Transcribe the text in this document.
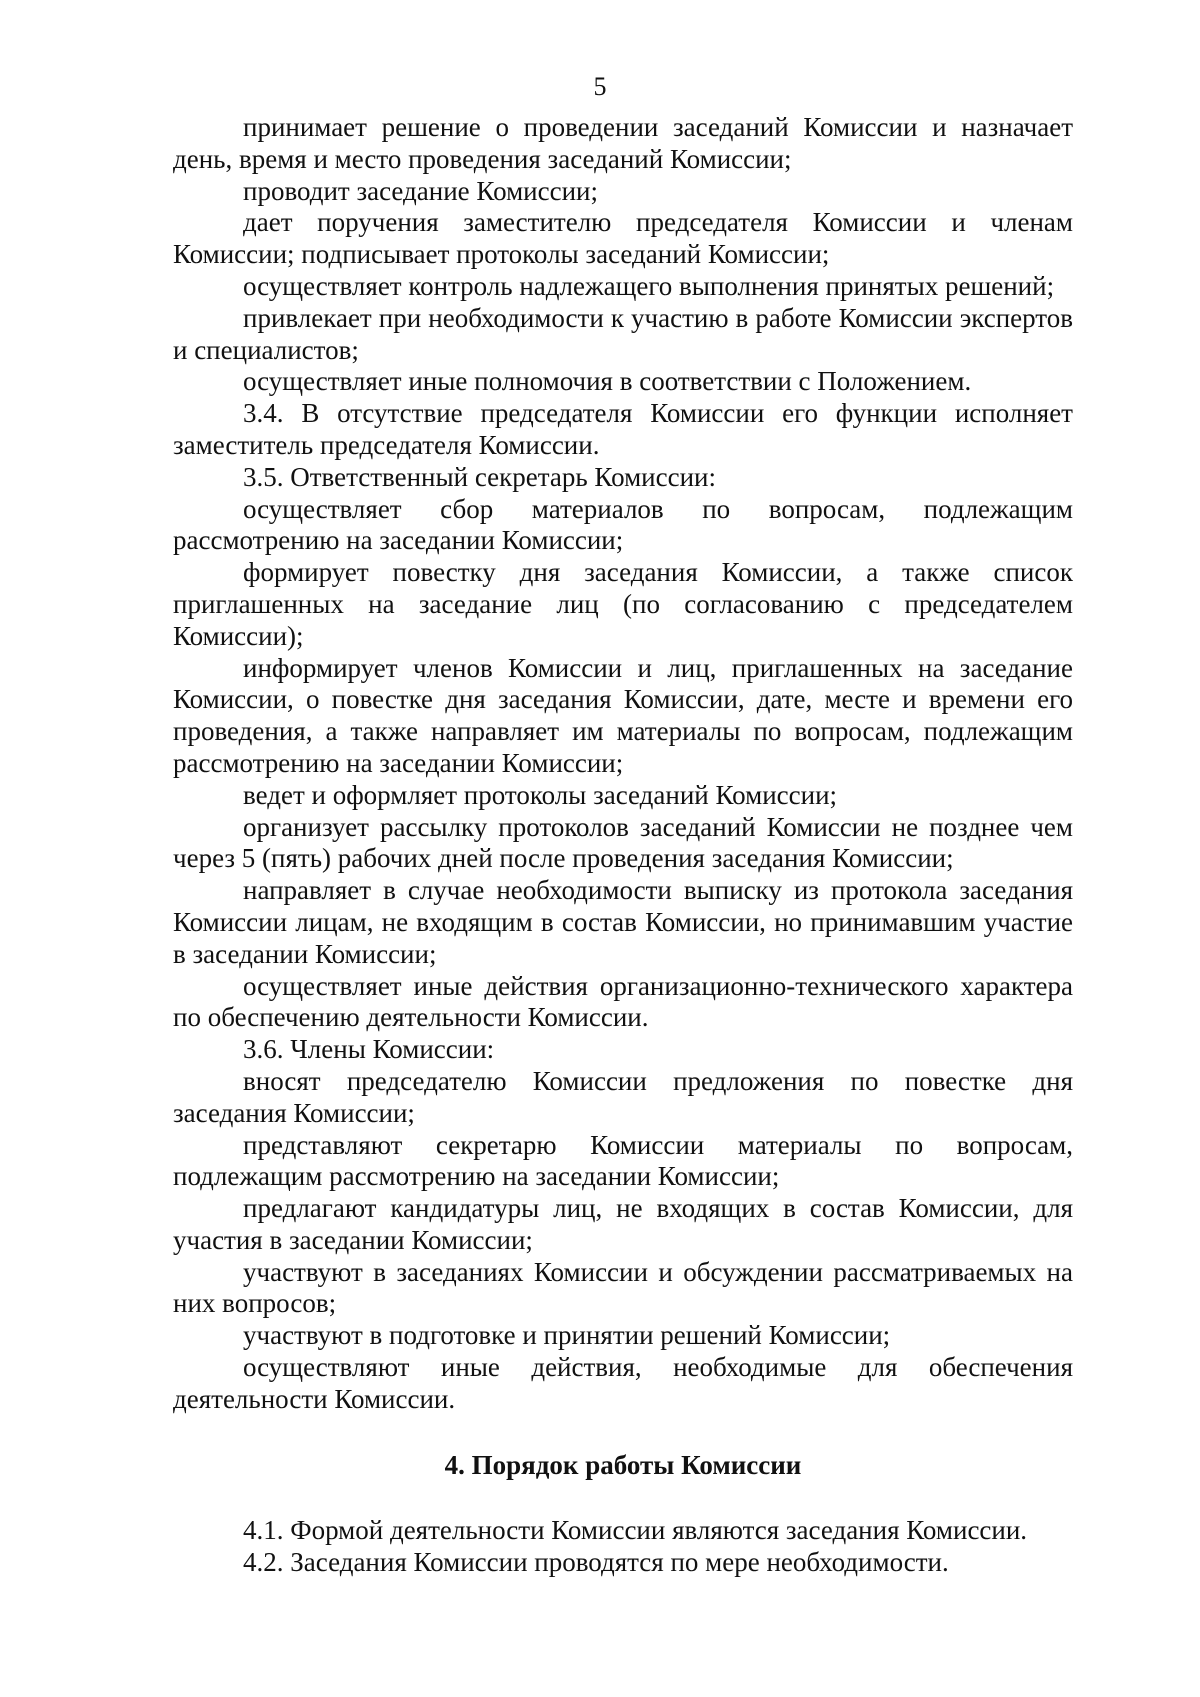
5

принимает решение о проведении заседаний Комиссии и назначает день, время и место проведения заседаний Комиссии;

проводит заседание Комиссии;

дает поручения заместителю председателя Комиссии и членам Комиссии; подписывает протоколы заседаний Комиссии;

осуществляет контроль надлежащего выполнения принятых решений;

привлекает при необходимости к участию в работе Комиссии экспертов и специалистов;

осуществляет иные полномочия в соответствии с Положением.

3.4. В отсутствие председателя Комиссии его функции исполняет заместитель председателя Комиссии.

3.5. Ответственный секретарь Комиссии:

осуществляет сбор материалов по вопросам, подлежащим рассмотрению на заседании Комиссии;

формирует повестку дня заседания Комиссии, а также список приглашенных на заседание лиц (по согласованию с председателем Комиссии);

информирует членов Комиссии и лиц, приглашенных на заседание Комиссии, о повестке дня заседания Комиссии, дате, месте и времени его проведения, а также направляет им материалы по вопросам, подлежащим рассмотрению на заседании Комиссии;

ведет и оформляет протоколы заседаний Комиссии;

организует рассылку протоколов заседаний Комиссии не позднее чем через 5 (пять) рабочих дней после проведения заседания Комиссии;

направляет в случае необходимости выписку из протокола заседания Комиссии лицам, не входящим в состав Комиссии, но принимавшим участие в заседании Комиссии;

осуществляет иные действия организационно-технического характера по обеспечению деятельности Комиссии.

3.6. Члены Комиссии:

вносят председателю Комиссии предложения по повестке дня заседания Комиссии;

представляют секретарю Комиссии материалы по вопросам, подлежащим рассмотрению на заседании Комиссии;

предлагают кандидатуры лиц, не входящих в состав Комиссии, для участия в заседании Комиссии;

участвуют в заседаниях Комиссии и обсуждении рассматриваемых на них вопросов;

участвуют в подготовке и принятии решений Комиссии;

осуществляют иные действия, необходимые для обеспечения деятельности Комиссии.

4. Порядок работы Комиссии

4.1. Формой деятельности Комиссии являются заседания Комиссии.

4.2. Заседания Комиссии проводятся по мере необходимости.
